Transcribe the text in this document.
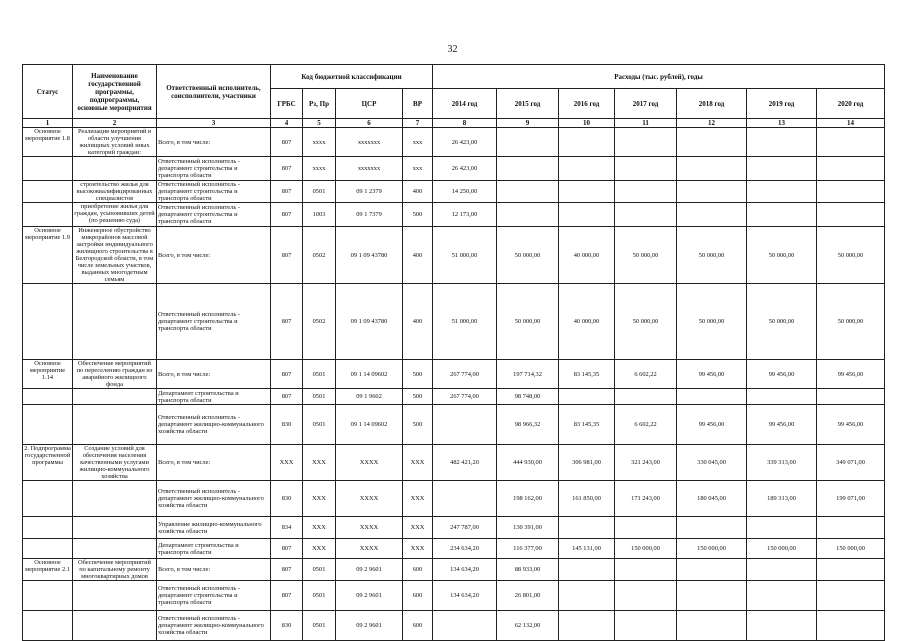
32
Статус	Наименование государственной программы, подпрограммы, основные мероприятия	Ответственный исполнитель, соисполнители, участники	Код бюджетной классификации				Расходы (тыс. рублей), годы						
			ГРБС	Рз, Пр	ЦСР	ВР	2014 год	2015 год	2016 год	2017 год	2018 год	2019 год	2020 год
1	2	3	4	5	6	7	8	9	10	11	12	13	14
Основное мероприятие 1.8	Реализация мероприятий в области улучшения жилищных условий иных категорий граждан:	Всего, в том числе:	807	хххх	ххххххх	ххх	26 423,00						
		Ответственный исполнитель - департамент строительства и транспорта области	807	хххх	ххххххх	ххх	26 423,00						
	строительство жилья для высококвалифицированных специалистов	Ответственный исполнитель - департамент строительства и транспорта области	807	0501	09 1 2379	400	14 250,00						
	приобретение жилья для граждан, усыновивших детей (по решению суда)	Ответственный исполнитель - департамент строительства и транспорта области	807	1003	09 1 7379	500	12 173,00						
Основное мероприятие 1.9	Инженерное обустройство микрорайонов массовой застройки индивидуального жилищного строительства в Белгородской области, в том числе земельных участков, выданных многодетным семьям	Всего, в том числе:	807	0502	09 1 09 43780	400	51 000,00	50 000,00	40 000,00	50 000,00	50 000,00	50 000,00	50 000,00
		Ответственный исполнитель - департамент строительства и транспорта области	807	0502	09 1 09 43780	400	51 000,00	50 000,00	40 000,00	50 000,00	50 000,00	50 000,00	50 000,00
Основное мероприятие 1.14	Обеспечение мероприятий по переселению граждан из аварийного жилищного фонда	Всего, в том числе:	807	0501	09 1 14 09602	500	267 774,00	197 714,32	83 145,35	6 602,22	99 456,00	99 456,00	99 456,00
		Департамент строительства и транспорта области	807	0501	09 1 9602	500	267 774,00	98 748,00					
		Ответственный исполнитель - департамент жилищно-коммунального хозяйства области	830	0501	09 1 14 09602	500		98 966,32	83 145,35	6 602,22	99 456,00	99 456,00	99 456,00
2. Подпрограмма государственной программы	Создание условий для обеспечения населения качественными услугами жилищно-коммунального хозяйства	Всего, в том числе:	ХХХ	ХХХ	ХХХХ	ХХХ	482 421,20	444 930,00	306 981,00	321 243,00	330 045,00	339 313,00	349 071,00
		Ответственный исполнитель - департамент жилищно-коммунального хозяйства области	830	ХХХ	ХХХХ	ХХХ		198 162,00	161 850,00	171 243,00	180 045,00	189 313,00	199 071,00
		Управление жилищно-коммунального хозяйства области	834	ХХХ	ХХХХ	ХХХ	247 787,00	130 391,00					
		Департамент строительства и транспорта области	807	ХХХ	ХХХХ	ХХХ	234 634,20	116 377,00	145 131,00	150 000,00	150 000,00	150 000,00	150 000,00
Основное мероприятие 2.1	Обеспечение мероприятий по капитальному ремонту многоквартирных домов	Всего, в том числе:	807	0501	09 2 9601	600	134 634,20	88 933,00					
		Ответственный исполнитель - департамент строительства и транспорта области	807	0501	09 2 9601	600	134 634,20	26 801,00					
		Ответственный исполнитель - департамент жилищно-коммунального хозяйства области	830	0501	09 2 9601	600		62 132,00					
